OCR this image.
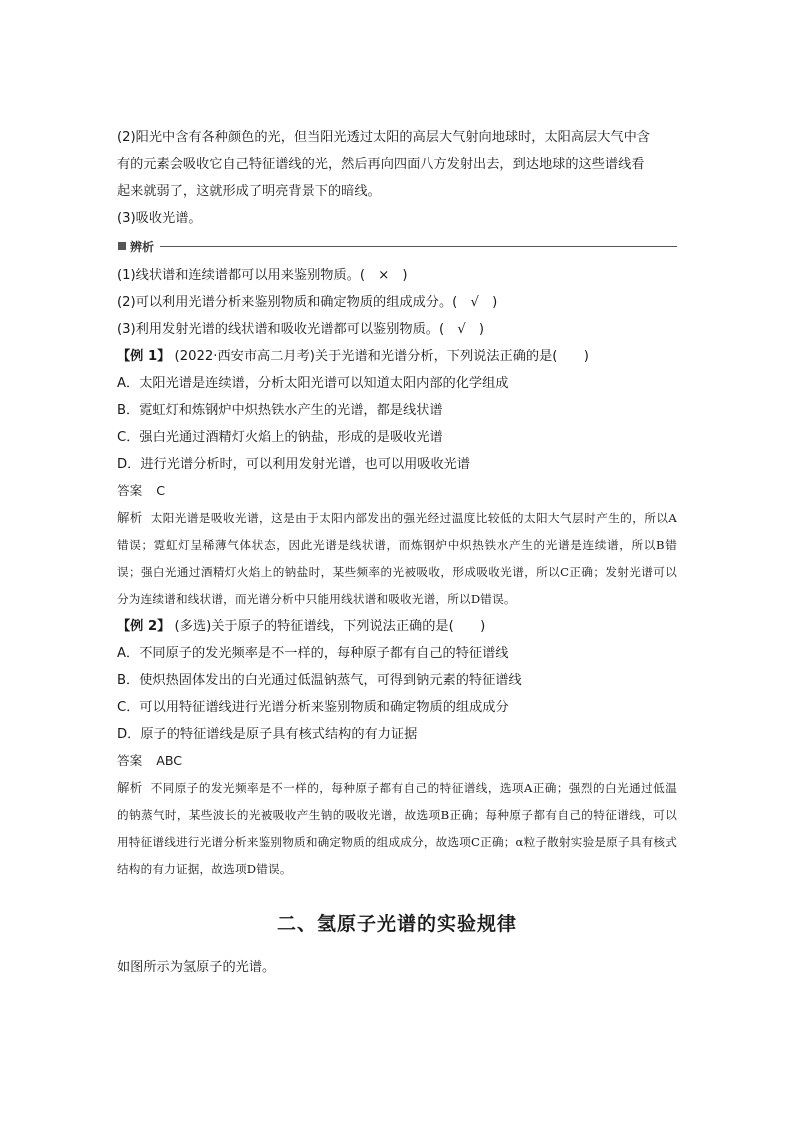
(2)阳光中含有各种颜色的光，但当阳光透过太阳的高层大气射向地球时，太阳高层大气中含

有的元素会吸收它自己特征谱线的光，然后再向四面八方发射出去，到达地球的这些谱线看

起来就弱了，这就形成了明亮背景下的暗线。

(3)吸收光谱。

辨析

(1)线状谱和连续谱都可以用来鉴别物质。(　×　)

(2)可以利用光谱分析来鉴别物质和确定物质的组成成分。(　√　)

(3)利用发射光谱的线状谱和吸收光谱都可以鉴别物质。(　√　)

【例 1】 (2022·西安市高二月考)关于光谱和光谱分析，下列说法正确的是(　　)

A．太阳光谱是连续谱，分析太阳光谱可以知道太阳内部的化学组成

B．霓虹灯和炼钢炉中炽热铁水产生的光谱，都是线状谱

C．强白光通过酒精灯火焰上的钠盐，形成的是吸收光谱

D．进行光谱分析时，可以利用发射光谱，也可以用吸收光谱

答案 C

解析 太阳光谱是吸收光谱，这是由于太阳内部发出的强光经过温度比较低的太阳大气层时产生的，所以A错误；霓虹灯呈稀薄气体状态，因此光谱是线状谱，而炼钢炉中炽热铁水产生的光谱是连续谱，所以B错误；强白光通过酒精灯火焰上的钠盐时，某些频率的光被吸收，形成吸收光谱，所以C正确；发射光谱可以分为连续谱和线状谱，而光谱分析中只能用线状谱和吸收光谱，所以D错误。

【例 2】 (多选)关于原子的特征谱线，下列说法正确的是(　　)

A．不同原子的发光频率是不一样的，每种原子都有自己的特征谱线

B．使炽热固体发出的白光通过低温钠蒸气，可得到钠元素的特征谱线

C．可以用特征谱线进行光谱分析来鉴别物质和确定物质的组成成分

D．原子的特征谱线是原子具有核式结构的有力证据

答案 ABC

解析 不同原子的发光频率是不一样的，每种原子都有自己的特征谱线，选项A正确；强烈的白光通过低温的钠蒸气时，某些波长的光被吸收产生钠的吸收光谱，故选项B正确；每种原子都有自己的特征谱线，可以用特征谱线进行光谱分析来鉴别物质和确定物质的组成成分，故选项C正确；α粒子散射实验是原子具有核式结构的有力证据，故选项D错误。

二、氢原子光谱的实验规律

如图所示为氢原子的光谱。
